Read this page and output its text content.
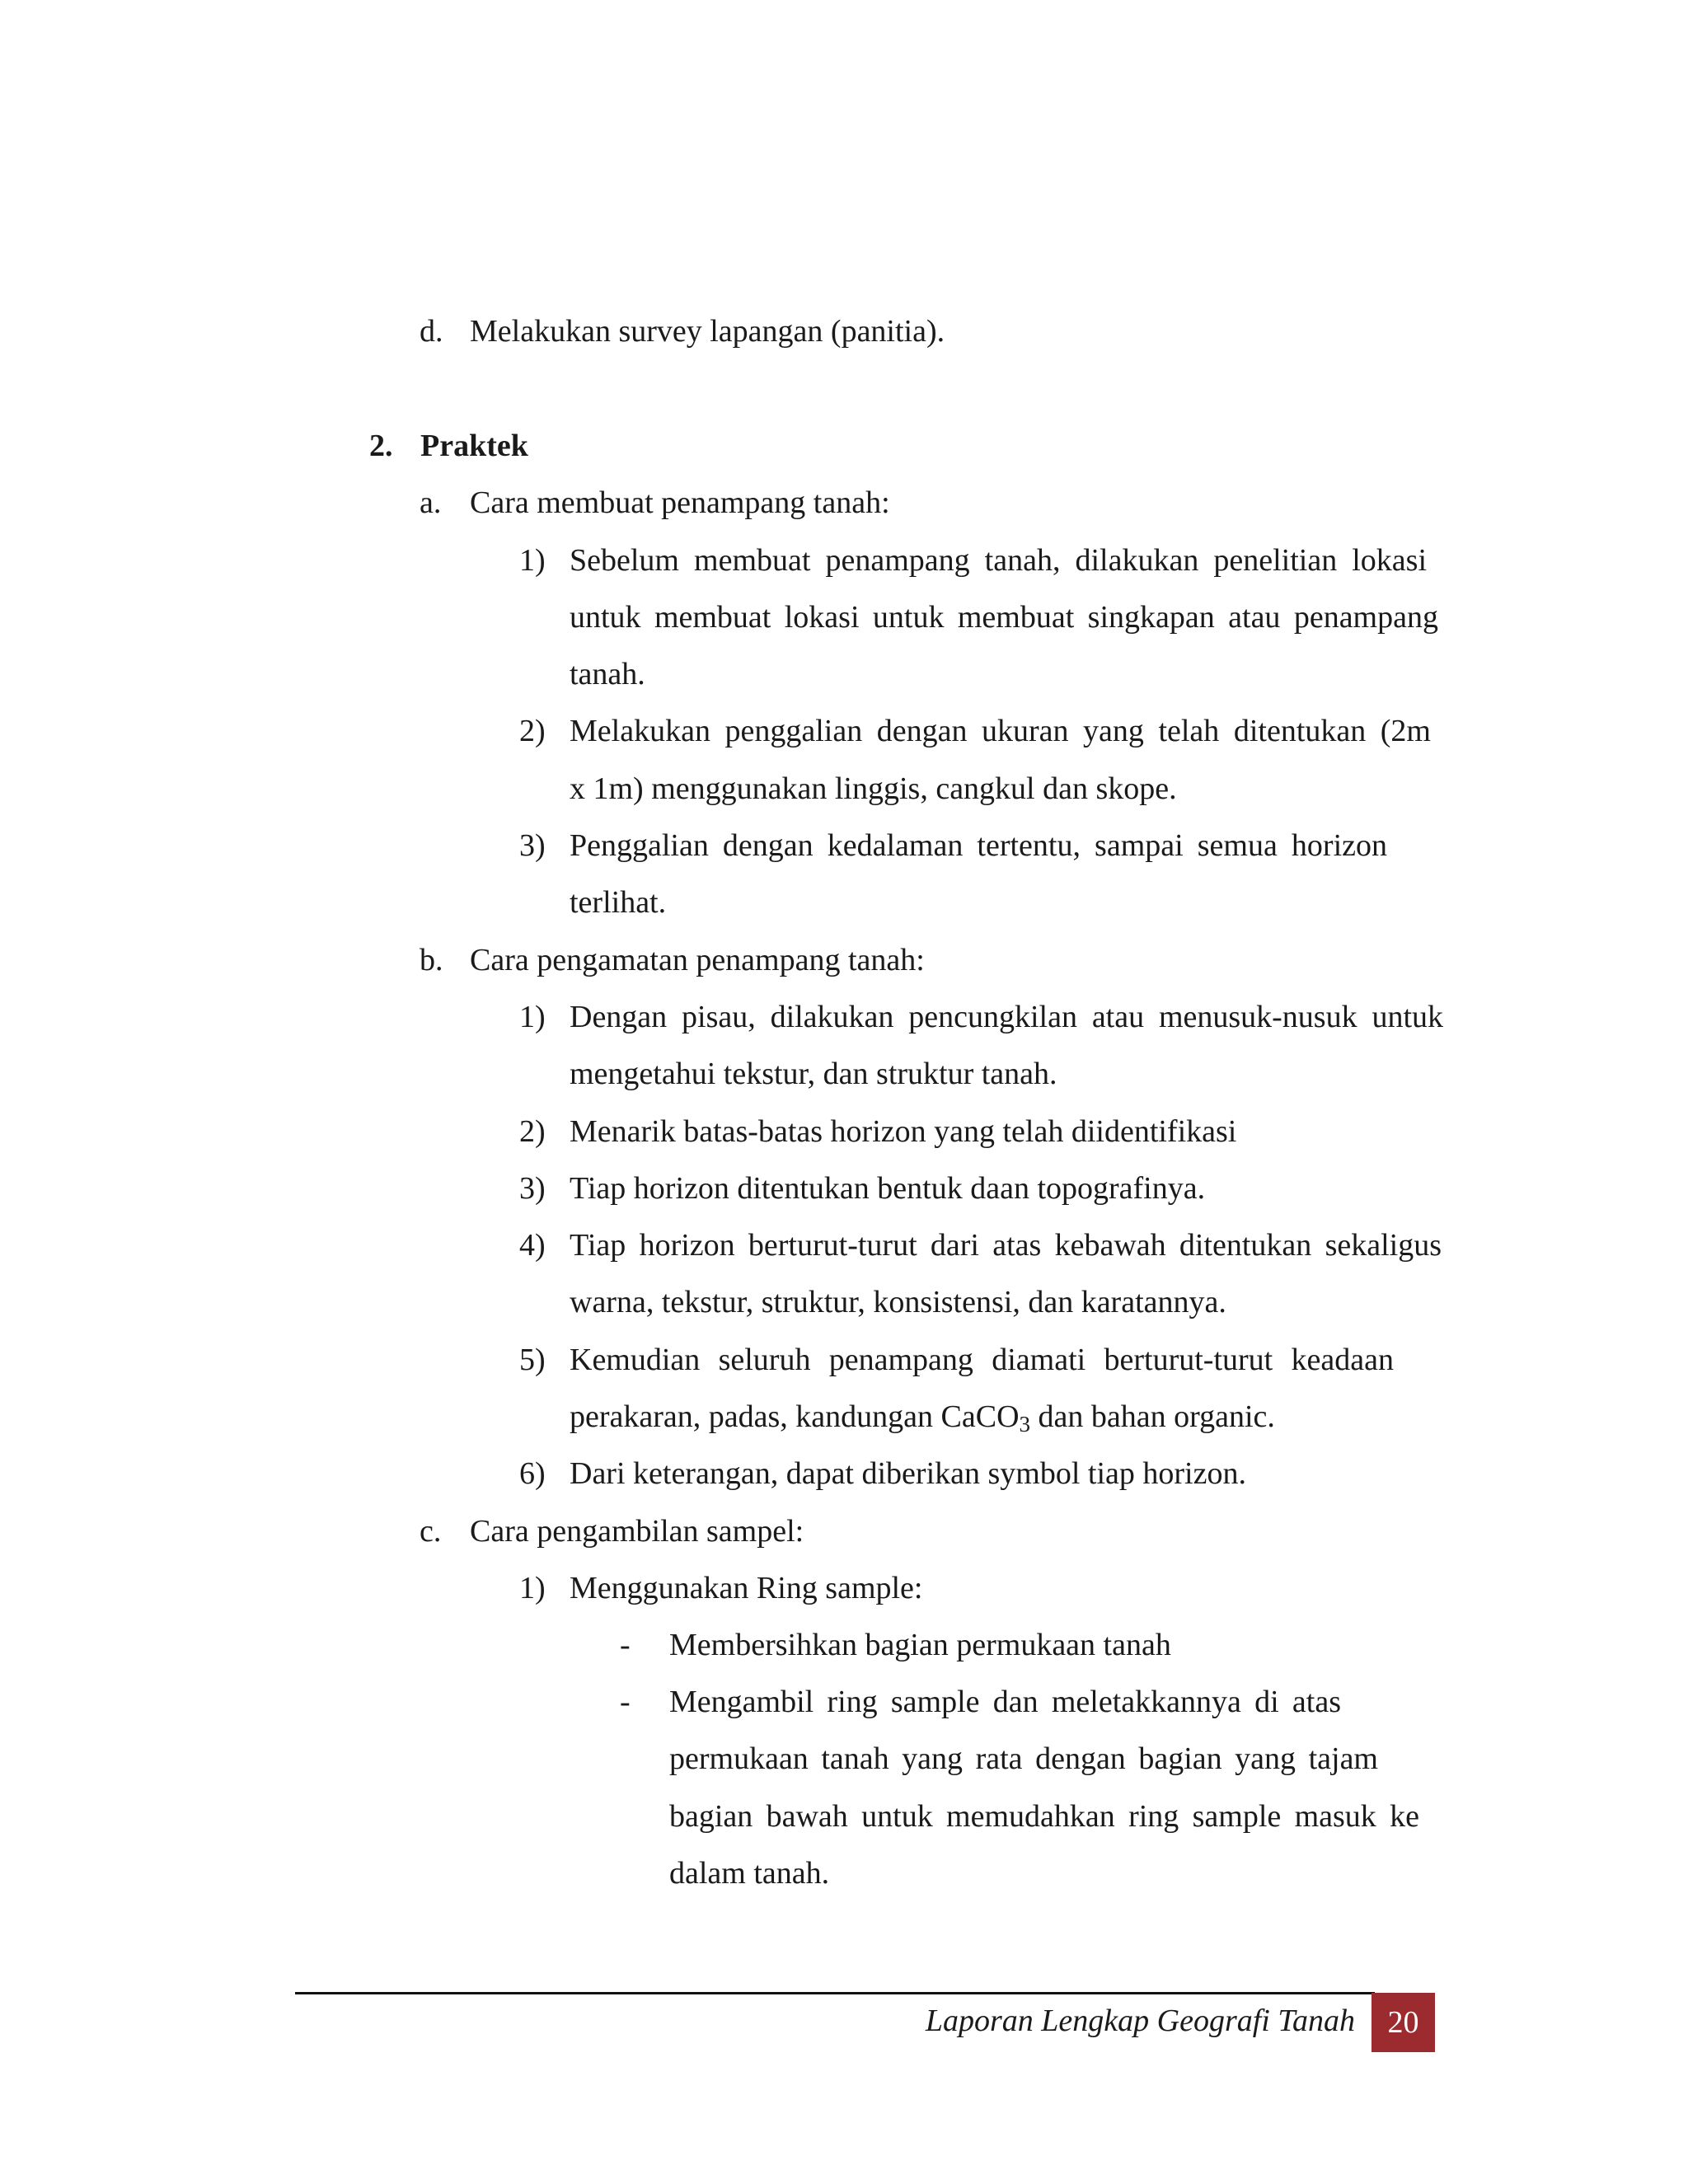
d. Melakukan survey lapangan (panitia).
2. Praktek
a. Cara membuat penampang tanah:
1) Sebelum membuat penampang tanah, dilakukan penelitian lokasi
untuk membuat lokasi untuk membuat singkapan atau penampang
tanah.
2) Melakukan penggalian dengan ukuran yang telah ditentukan (2m
x 1m) menggunakan linggis, cangkul dan skope.
3) Penggalian dengan kedalaman tertentu, sampai semua horizon
terlihat.
b. Cara pengamatan penampang tanah:
1) Dengan pisau, dilakukan pencungkilan atau menusuk-nusuk untuk
mengetahui tekstur, dan struktur tanah.
2) Menarik batas-batas horizon yang telah diidentifikasi
3) Tiap horizon ditentukan bentuk daan topografinya.
4) Tiap horizon berturut-turut dari atas kebawah ditentukan sekaligus
warna, tekstur, struktur, konsistensi, dan karatannya.
5) Kemudian seluruh penampang diamati berturut-turut keadaan
perakaran, padas, kandungan CaCO$_3$ dan bahan organic.
6) Dari keterangan, dapat diberikan symbol tiap horizon.
c. Cara pengambilan sampel:
1) Menggunakan Ring sample:
- Membersihkan bagian permukaan tanah
- Mengambil ring sample dan meletakkannya di atas
permukaan tanah yang rata dengan bagian yang tajam
bagian bawah untuk memudahkan ring sample masuk ke
dalam tanah.
Laporan Lengkap Geografi Tanah	20
